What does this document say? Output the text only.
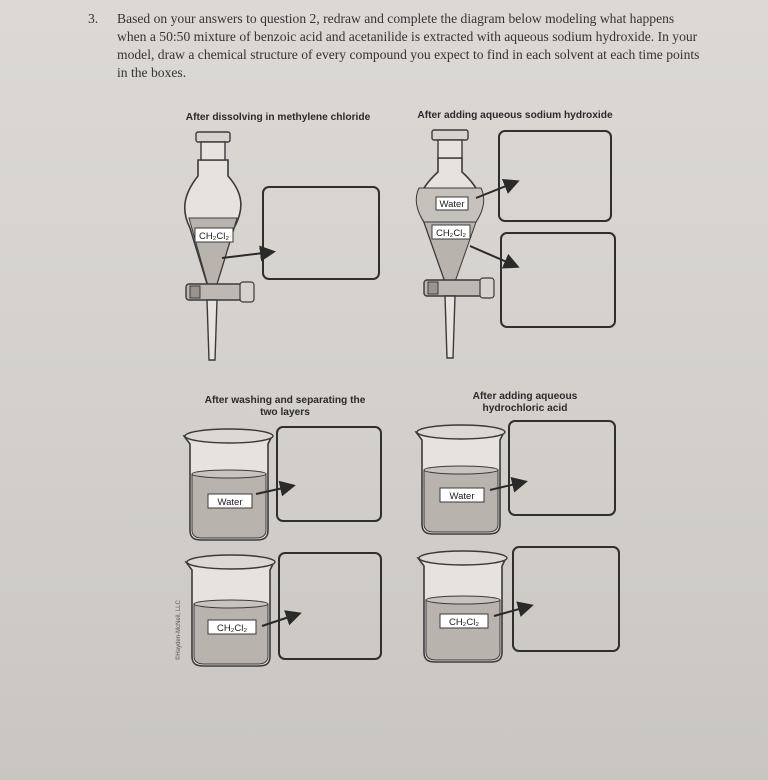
3. Based on your answers to question 2, redraw and complete the diagram below modeling what happens when a 50:50 mixture of benzoic acid and acetanilide is extracted with aqueous sodium hydroxide. In your model, draw a chemical structure of every compound you expect to find in each solvent at each time points in the boxes.
After dissolving in methylene chloride	After adding aqueous sodium hydroxide
After washing and separating the two layers
After adding aqueous hydrochloric acid
CH₂Cl₂
Water
CH₂Cl₂
Water
CH₂Cl₂
Water
CH₂Cl₂
©Hayden-McNeil, LLC
